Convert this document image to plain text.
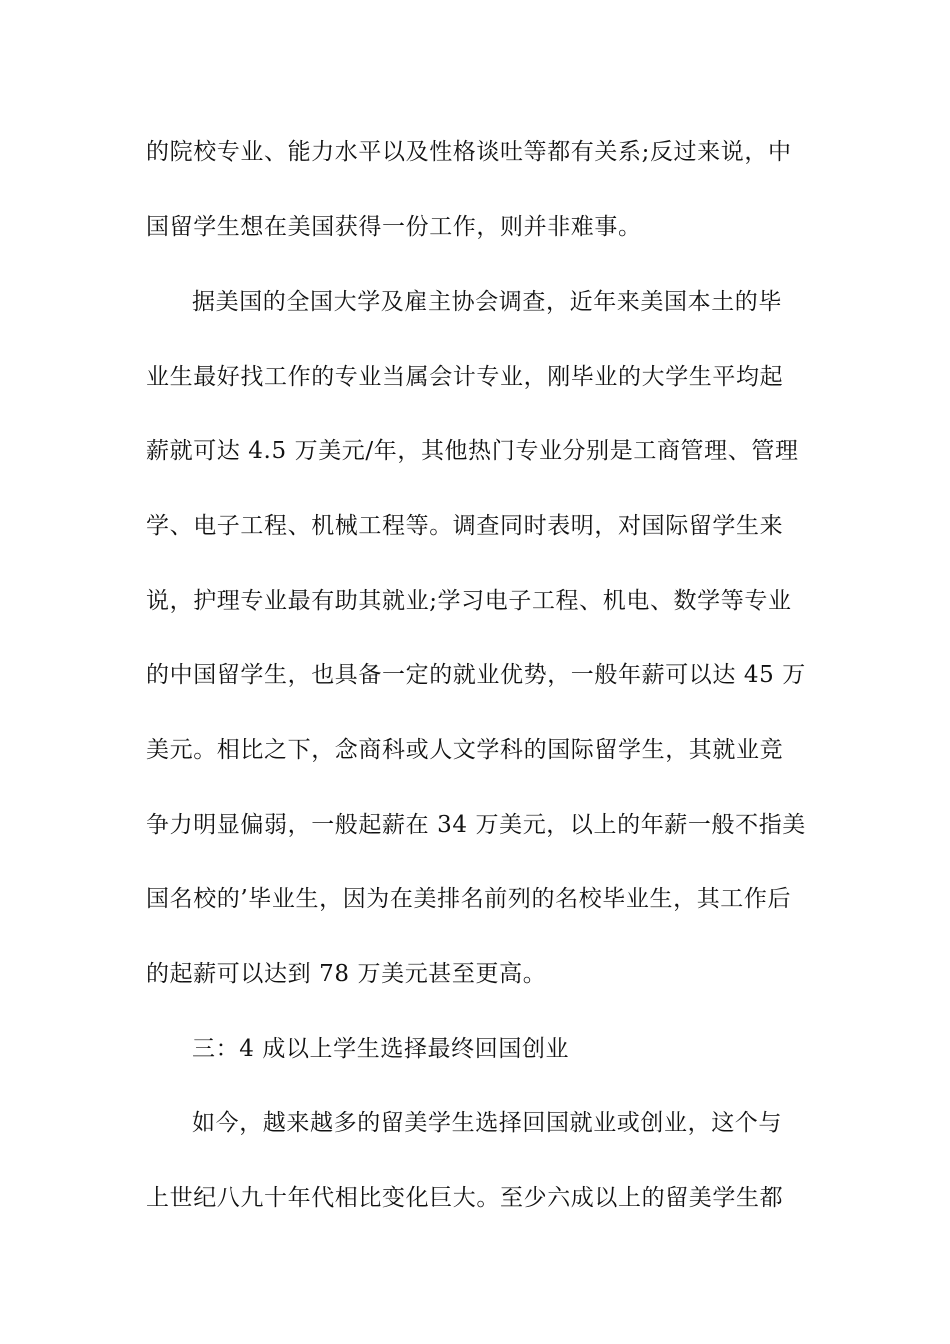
的院校专业、能力水平以及性格谈吐等都有关系;反过来说，中
国留学生想在美国获得一份工作，则并非难事。
据美国的全国大学及雇主协会调查，近年来美国本土的毕
业生最好找工作的专业当属会计专业，刚毕业的大学生平均起
薪就可达 4.5 万美元/年，其他热门专业分别是工商管理、管理
学、电子工程、机械工程等。调查同时表明，对国际留学生来
说，护理专业最有助其就业;学习电子工程、机电、数学等专业
的中国留学生，也具备一定的就业优势，一般年薪可以达 45 万
美元。相比之下，念商科或人文学科的国际留学生，其就业竞
争力明显偏弱，一般起薪在 34 万美元，以上的年薪一般不指美
国名校的’毕业生，因为在美排名前列的名校毕业生，其工作后
的起薪可以达到 78 万美元甚至更高。
三：4 成以上学生选择最终回国创业
如今，越来越多的留美学生选择回国就业或创业，这个与
上世纪八九十年代相比变化巨大。至少六成以上的留美学生都
